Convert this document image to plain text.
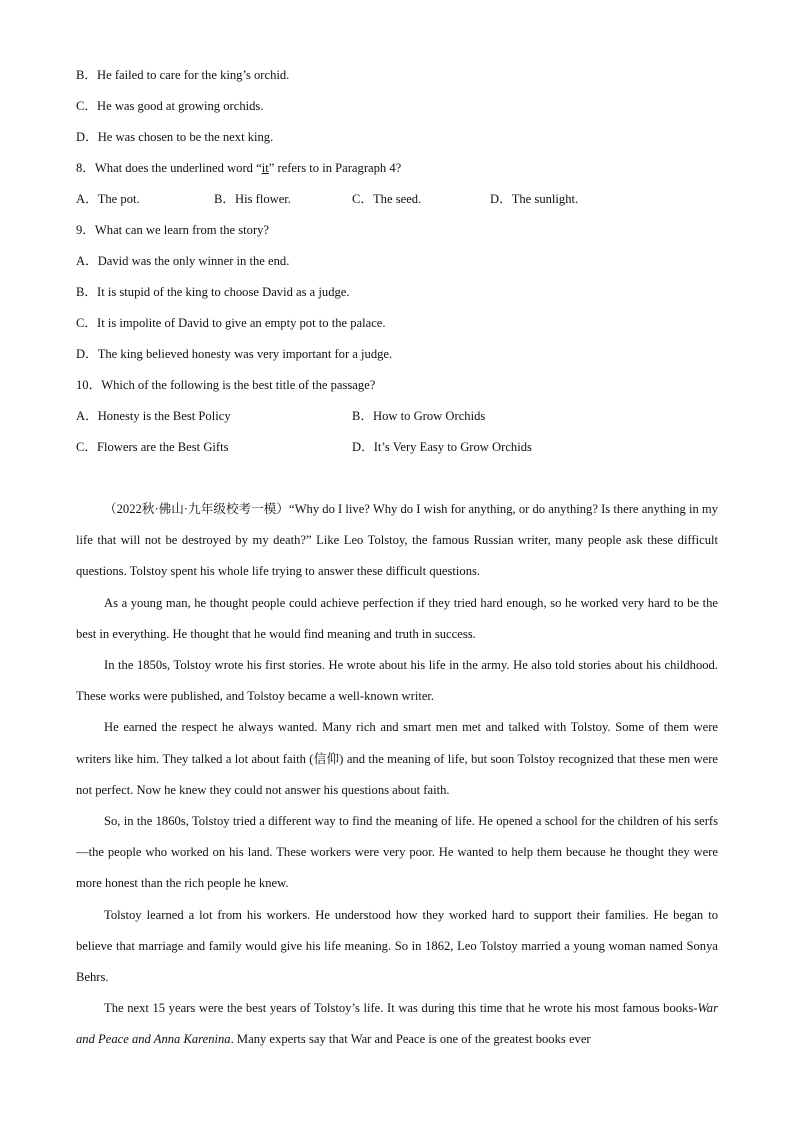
B．He failed to care for the king’s orchid.
C．He was good at growing orchids.
D．He was chosen to be the next king.
8．What does the underlined word “it” refers to in Paragraph 4?
A．The pot.	B．His flower.	C．The seed.	D．The sunlight.
9．What can we learn from the story?
A．David was the only winner in the end.
B．It is stupid of the king to choose David as a judge.
C．It is impolite of David to give an empty pot to the palace.
D．The king believed honesty was very important for a judge.
10．Which of the following is the best title of the passage?
A．Honesty is the Best Policy	B．How to Grow Orchids
C．Flowers are the Best Gifts	D．It’s Very Easy to Grow Orchids

（2022秋·佛山·九年级校考一模）“Why do I live? Why do I wish for anything, or do anything? Is there anything in my life that will not be destroyed by my death?” Like Leo Tolstoy, the famous Russian writer, many people ask these difficult questions. Tolstoy spent his whole life trying to answer these difficult questions.

As a young man, he thought people could achieve perfection if they tried hard enough, so he worked very hard to be the best in everything. He thought that he would find meaning and truth in success.

In the 1850s, Tolstoy wrote his first stories. He wrote about his life in the army. He also told stories about his childhood. These works were published, and Tolstoy became a well-known writer.

He earned the respect he always wanted. Many rich and smart men met and talked with Tolstoy. Some of them were writers like him. They talked a lot about faith (信仰) and the meaning of life, but soon Tolstoy recognized that these men were not perfect. Now he knew they could not answer his questions about faith.

So, in the 1860s, Tolstoy tried a different way to find the meaning of life. He opened a school for the children of his serfs—the people who worked on his land. These workers were very poor. He wanted to help them because he thought they were more honest than the rich people he knew.

Tolstoy learned a lot from his workers. He understood how they worked hard to support their families. He began to believe that marriage and family would give his life meaning. So in 1862, Leo Tolstoy married a young woman named Sonya Behrs.

The next 15 years were the best years of Tolstoy’s life. It was during this time that he wrote his most famous books-War and Peace and Anna Karenina. Many experts say that War and Peace is one of the greatest books ever
